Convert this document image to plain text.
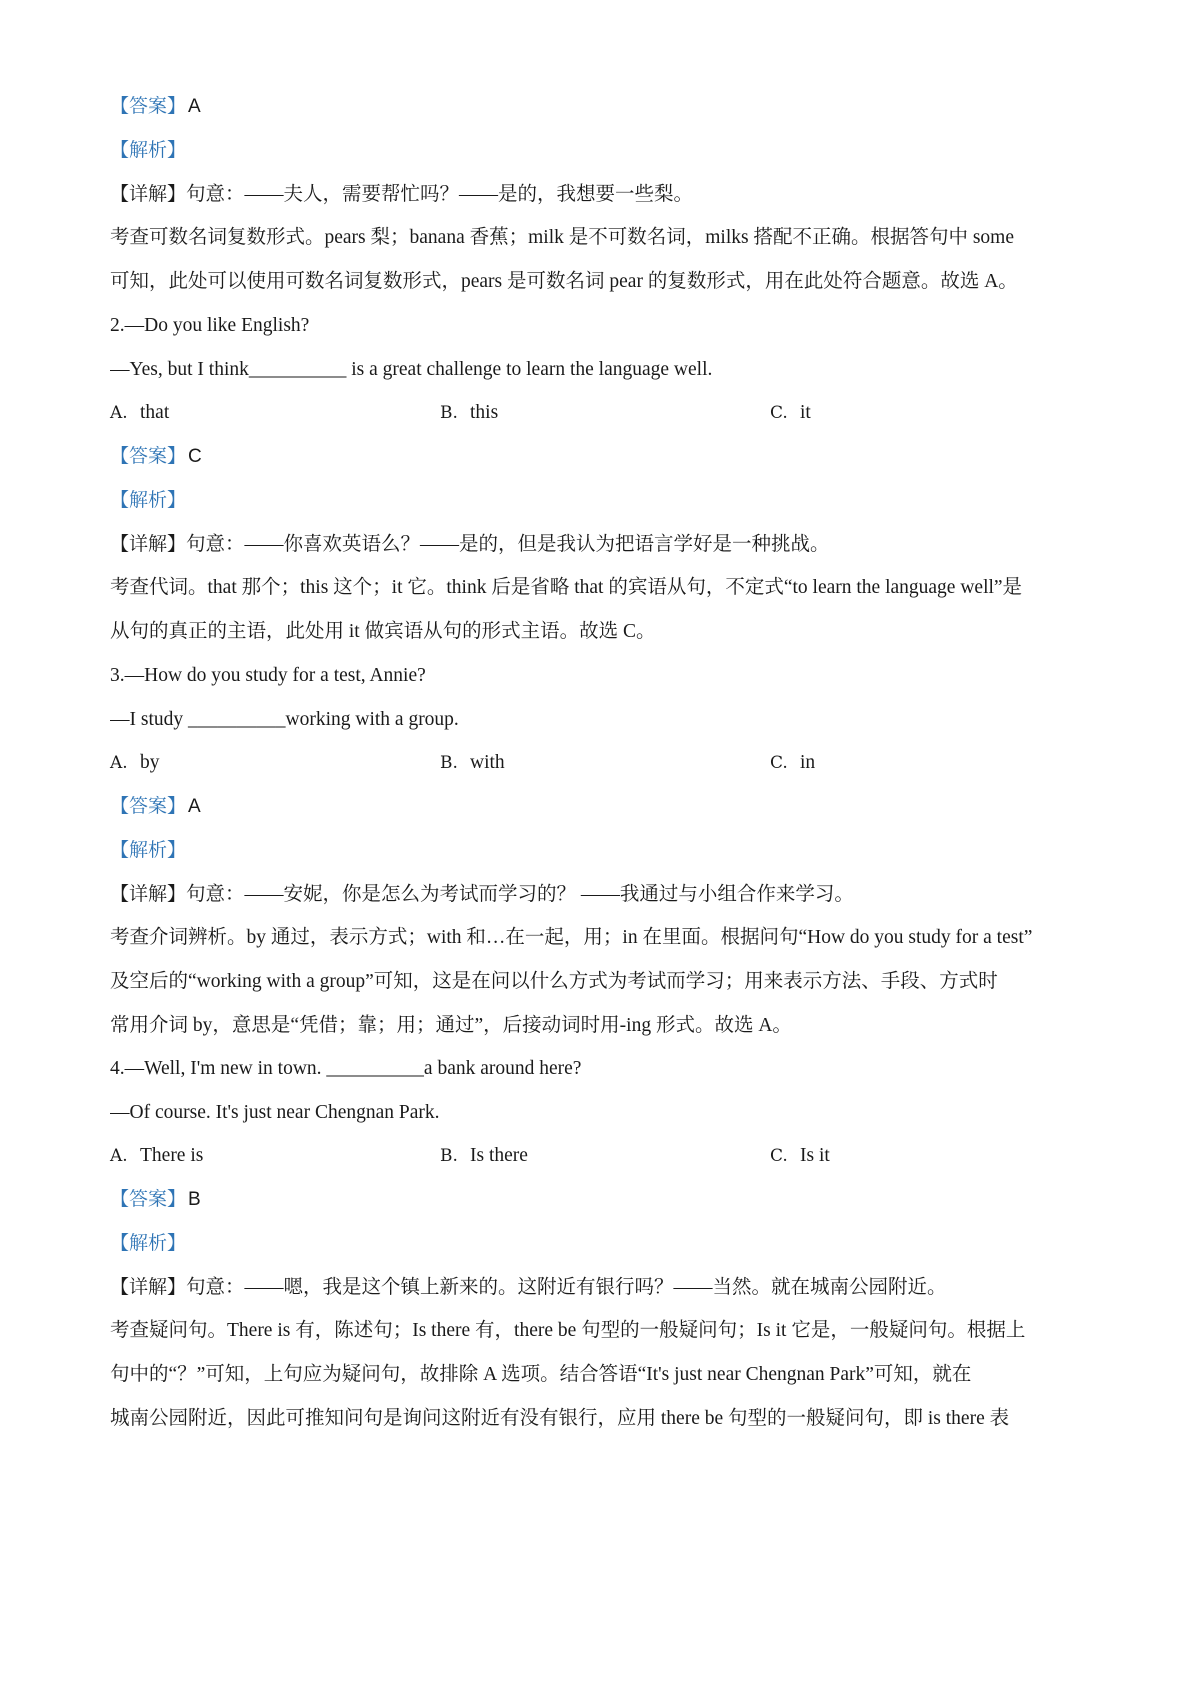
【答案】 A
【解析】
【详解】句意：——夫人，需要帮忙吗？——是的，我想要一些梨。
考查可数名词复数形式。pears 梨；banana 香蕉；milk 是不可数名词，milks 搭配不正确。根据答句中 some
可知，此处可以使用可数名词复数形式，pears 是可数名词 pear 的复数形式，用在此处符合题意。故选 A。
2.—Do you like English?
—Yes, but I think__________ is a great challenge to learn the language well.
A. that	B. this	C. it
【答案】 C
【解析】
【详解】句意：——你喜欢英语么？——是的，但是我认为把语言学好是一种挑战。
考查代词。that 那个；this 这个；it 它。think 后是省略 that 的宾语从句，不定式“to learn the language well”是
从句的真正的主语，此处用 it 做宾语从句的形式主语。故选 C。
3.—How do you study for a test, Annie?
—I study __________working with a group.
A. by	B. with	C. in
【答案】 A
【解析】
【详解】句意：——安妮，你是怎么为考试而学习的？ ——我通过与小组合作来学习。
考查介词辨析。by 通过，表示方式；with 和…在一起，用；in 在里面。根据问句“How do you study for a test”
及空后的“working with a group”可知，这是在问以什么方式为考试而学习；用来表示方法、手段、方式时
常用介词 by，意思是“凭借；靠；用；通过”，后接动词时用-ing 形式。故选 A。
4.—Well, I'm new in town. __________a bank around here?
—Of course. It's just near Chengnan Park.
A. There is	B. Is there	C. Is it
【答案】 B
【解析】
【详解】句意：——嗯，我是这个镇上新来的。这附近有银行吗？——当然。就在城南公园附近。
考查疑问句。There is 有，陈述句；Is there 有，there be 句型的一般疑问句；Is it 它是，一般疑问句。根据上
句中的“？”可知，上句应为疑问句，故排除 A 选项。结合答语“It's just near Chengnan Park”可知，就在
城南公园附近，因此可推知问句是询问这附近有没有银行，应用 there be 句型的一般疑问句，即 is there 表
